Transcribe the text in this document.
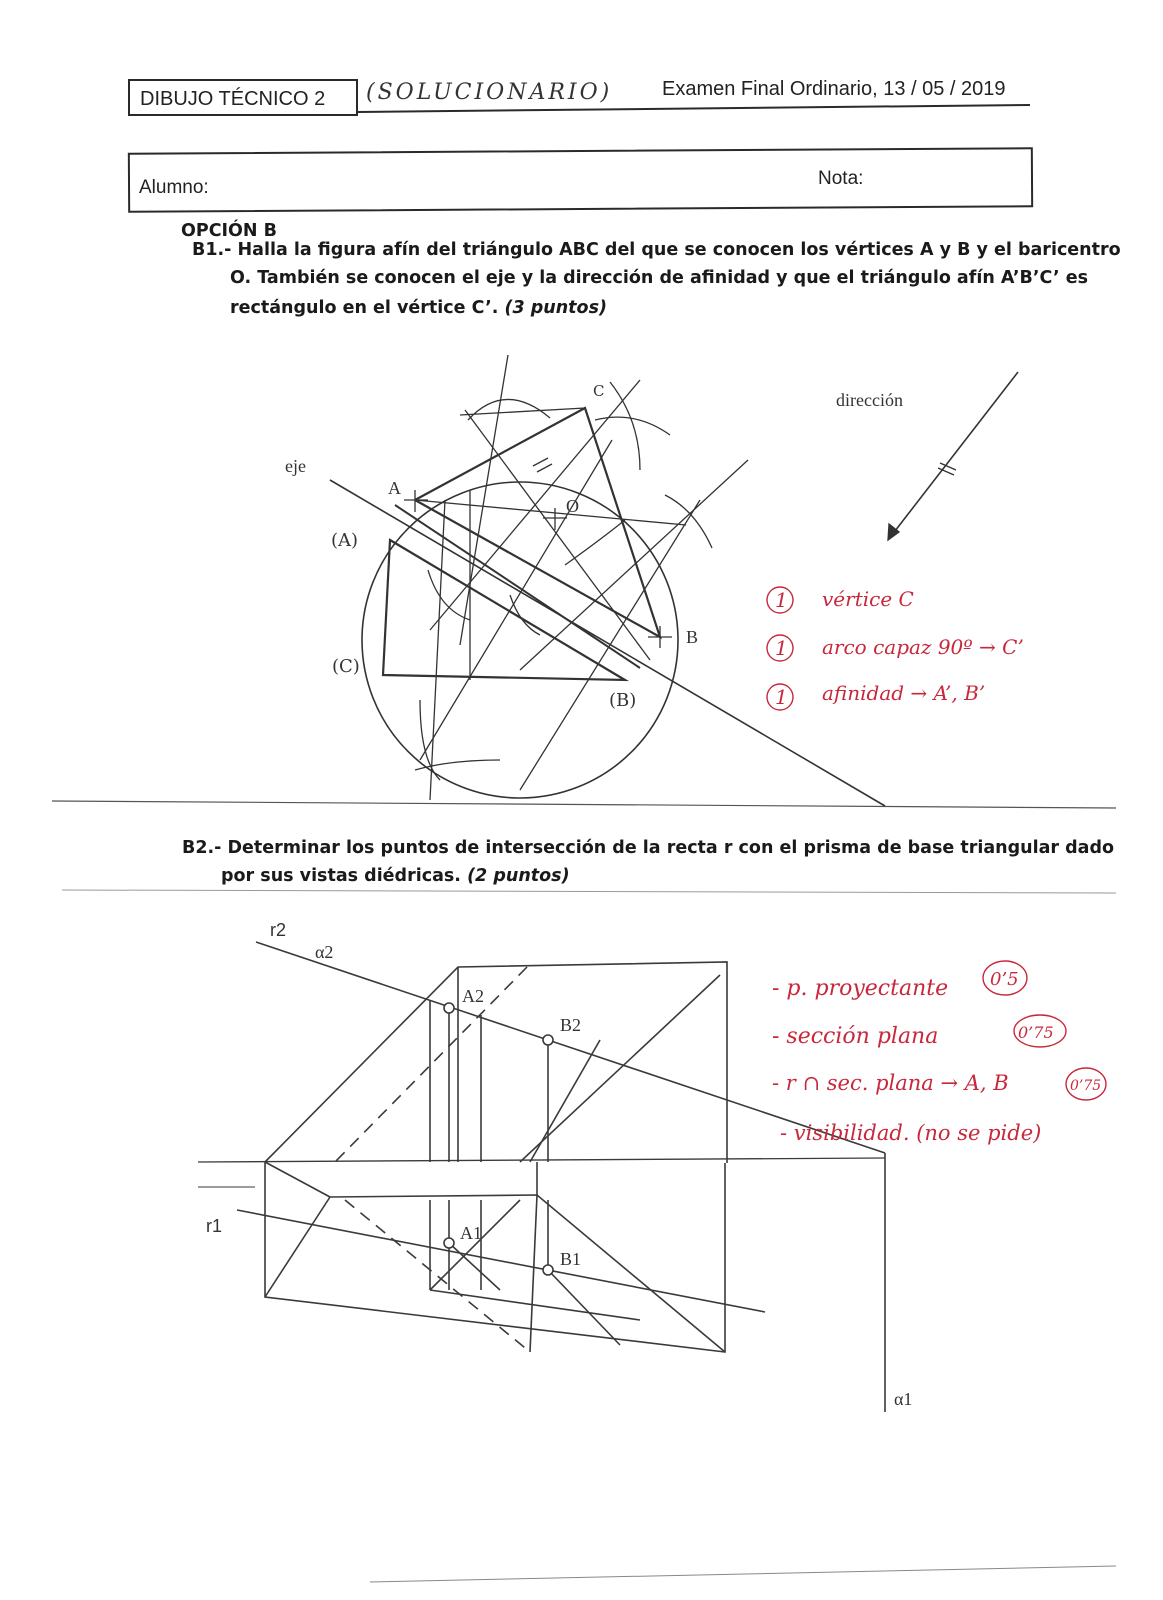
DIBUJO TÉCNICO 2 (SOLUCIONARIO) Examen Final Ordinario, 13 / 05 / 2019
Alumno:	Nota:
OPCIÓN B
B1.- Halla la figura afín del triángulo ABC del que se conocen los vértices A y B y el baricentro
O. También se conocen el eje y la dirección de afinidad y que el triángulo afín A’B’C’ es
rectángulo en el vértice C’. (3 puntos)
B2.- Determinar los puntos de intersección de la recta r con el prisma de base triangular dado
por sus vistas diédricas. (2 puntos)
eje
dirección
A
B
C
O
(A)
(B)
(C)
1 vértice C
1 arco capaz 90º → C’
1 afinidad → A’, B’
r2
α2
A2
B2
r1	A1
B1
α1
- p. proyectante
- sección plana
- r ∩ sec. plana → A, B
- visibilidad. (no se pide)
0’5
0’75
0’75
